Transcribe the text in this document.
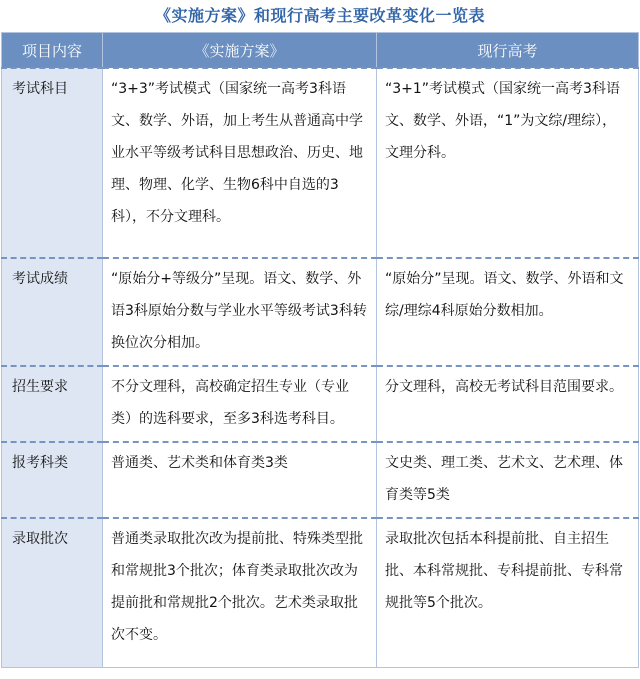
《实施方案》和现行高考主要改革变化一览表
项目内容	《实施方案》	现行高考
考试科目	“3+3”考试模式（国家统一高考3科语文、数学、外语，加上考生从普通高中学业水平等级考试科目思想政治、历史、地理、物理、化学、生物6科中自选的3科），不分文理科。	“3+1”考试模式（国家统一高考3科语文、数学、外语，“1”为文综/理综），文理分科。
考试成绩	“原始分+等级分”呈现。语文、数学、外语3科原始分数与学业水平等级考试3科转换位次分相加。	“原始分”呈现。语文、数学、外语和文综/理综4科原始分数相加。
招生要求	不分文理科，高校确定招生专业（专业类）的选科要求，至多3科选考科目。	分文理科，高校无考试科目范围要求。
报考科类	普通类、艺术类和体育类3类	文史类、理工类、艺术文、艺术理、体育类等5类
录取批次	普通类录取批次改为提前批、特殊类型批和常规批3个批次；体育类录取批次改为提前批和常规批2个批次。艺术类录取批次不变。	录取批次包括本科提前批、自主招生批、本科常规批、专科提前批、专科常规批等5个批次。
